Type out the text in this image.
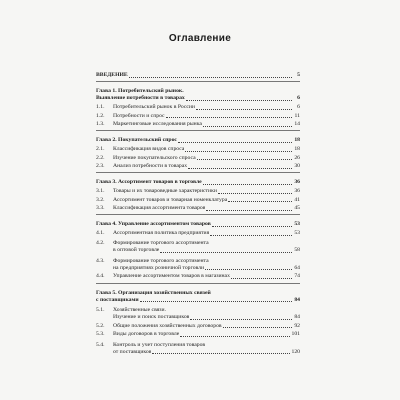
Оглавление
ВВЕДЕНИЕ	5
Глава 1. Потребительский рынок.
Выявление потребности в товарах	6
1.1.	Потребительский рынок в России	6
1.2.	Потребности и спрос	11
1.3.	Маркетинговые исследования рынка	14
Глава 2. Покупательский спрос	18
2.1.	Классификация видов спроса	18
2.2.	Изучение покупательского спроса	26
2.3.	Анализ потребности в товарах	30
Глава 3. Ассортимент товаров в торговле	36
3.1.	Товары и их товароведные характеристики	36
3.2.	Ассортимент товаров и товарная номенклатура	41
3.3.	Классификация ассортимента товаров	45
Глава 4. Управление ассортиментом товаров	53
4.1.	Ассортиментная политика предприятия	53
4.2.	Формирование торгового ассортимента
в оптовой торговле	58
4.3.	Формирование торгового ассортимента
на предприятиях розничной торговли	64
4.4.	Управление ассортиментом товаров в магазинах	74
Глава 5. Организация хозяйственных связей
с поставщиками	84
5.1.	Хозяйственные связи.
Изучение и поиск поставщиков	84
5.2.	Общие положения хозяйственных договоров	92
5.3.	Виды договоров в торговле	101
5.4.	Контроль и учет поступления товаров
от поставщиков	120
